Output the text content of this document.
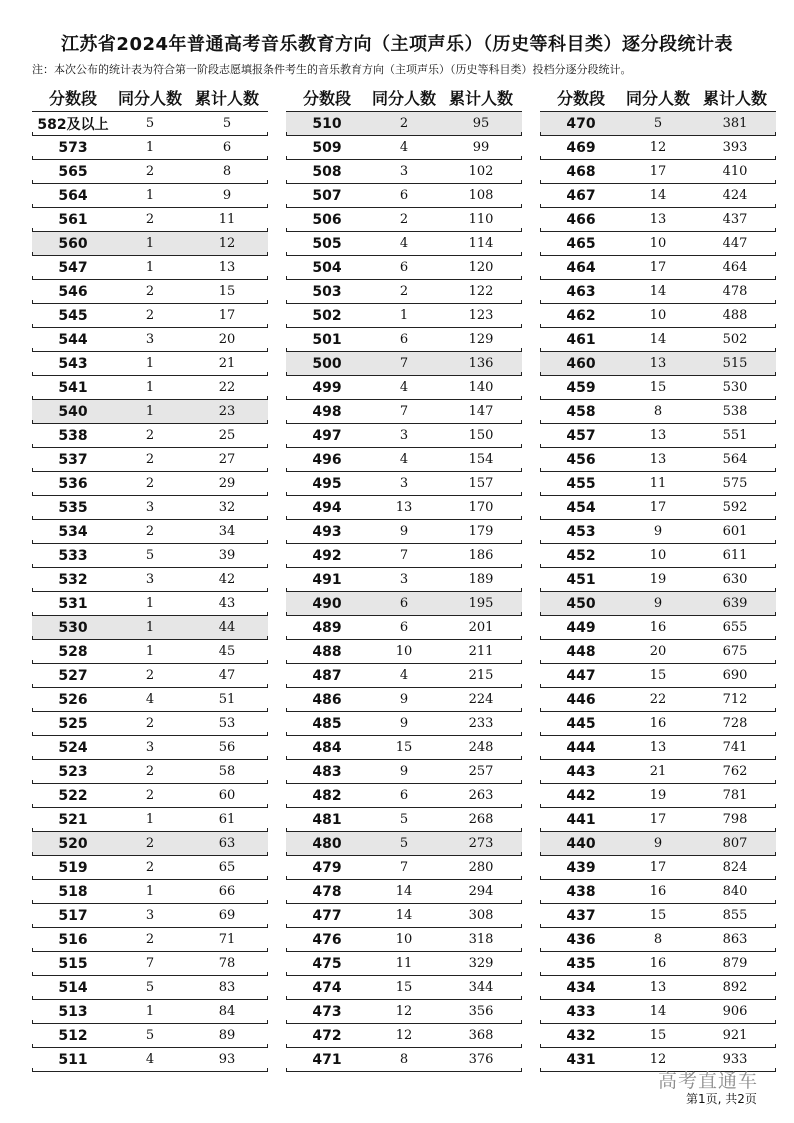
江苏省2024年普通高考音乐教育方向（主项声乐）（历史等科目类）逐分段统计表
注：本次公布的统计表为符合第一阶段志愿填报条件考生的音乐教育方向（主项声乐）（历史等科目类）投档分逐分段统计。
分数段	同分人数 累计人数
582及以上	5	5
573	1	6
565	2	8
564	1	9
561	2	11
560	1	12
547	1	13
546	2	15
545	2	17
544	3	20
543	1	21
541	1	22
540	1	23
538	2	25
537	2	27
536	2	29
535	3	32
534	2	34
533	5	39
532	3	42
531	1	43
530	1	44
528	1	45
527	2	47
526	4	51
525	2	53
524	3	56
523	2	58
522	2	60
521	1	61
520	2	63
519	2	65
518	1	66
517	3	69
516	2	71
515	7	78
514	5	83
513	1	84
512	5	89
511	4	93
分数段	同分人数 累计人数
510	2	95
509	4	99
508	3	102
507	6	108
506	2	110
505	4	114
504	6	120
503	2	122
502	1	123
501	6	129
500	7	136
499	4	140
498	7	147
497	3	150
496	4	154
495	3	157
494	13	170
493	9	179
492	7	186
491	3	189
490	6	195
489	6	201
488	10	211
487	4	215
486	9	224
485	9	233
484	15	248
483	9	257
482	6	263
481	5	268
480	5	273
479	7	280
478	14	294
477	14	308
476	10	318
475	11	329
474	15	344
473	12	356
472	12	368
471	8	376
分数段	同分人数 累计人数
470	5	381
469	12	393
468	17	410
467	14	424
466	13	437
465	10	447
464	17	464
463	14	478
462	10	488
461	14	502
460	13	515
459	15	530
458	8	538
457	13	551
456	13	564
455	11	575
454	17	592
453	9	601
452	10	611
451	19	630
450	9	639
449	16	655
448	20	675
447	15	690
446	22	712
445	16	728
444	13	741
443	21	762
442	19	781
441	17	798
440	9	807
439	17	824
438	16	840
437	15	855
436	8	863
435	16	879
434	13	892
433	14	906
432	15	921
431	12	933
高考直通车
第1页, 共2页
